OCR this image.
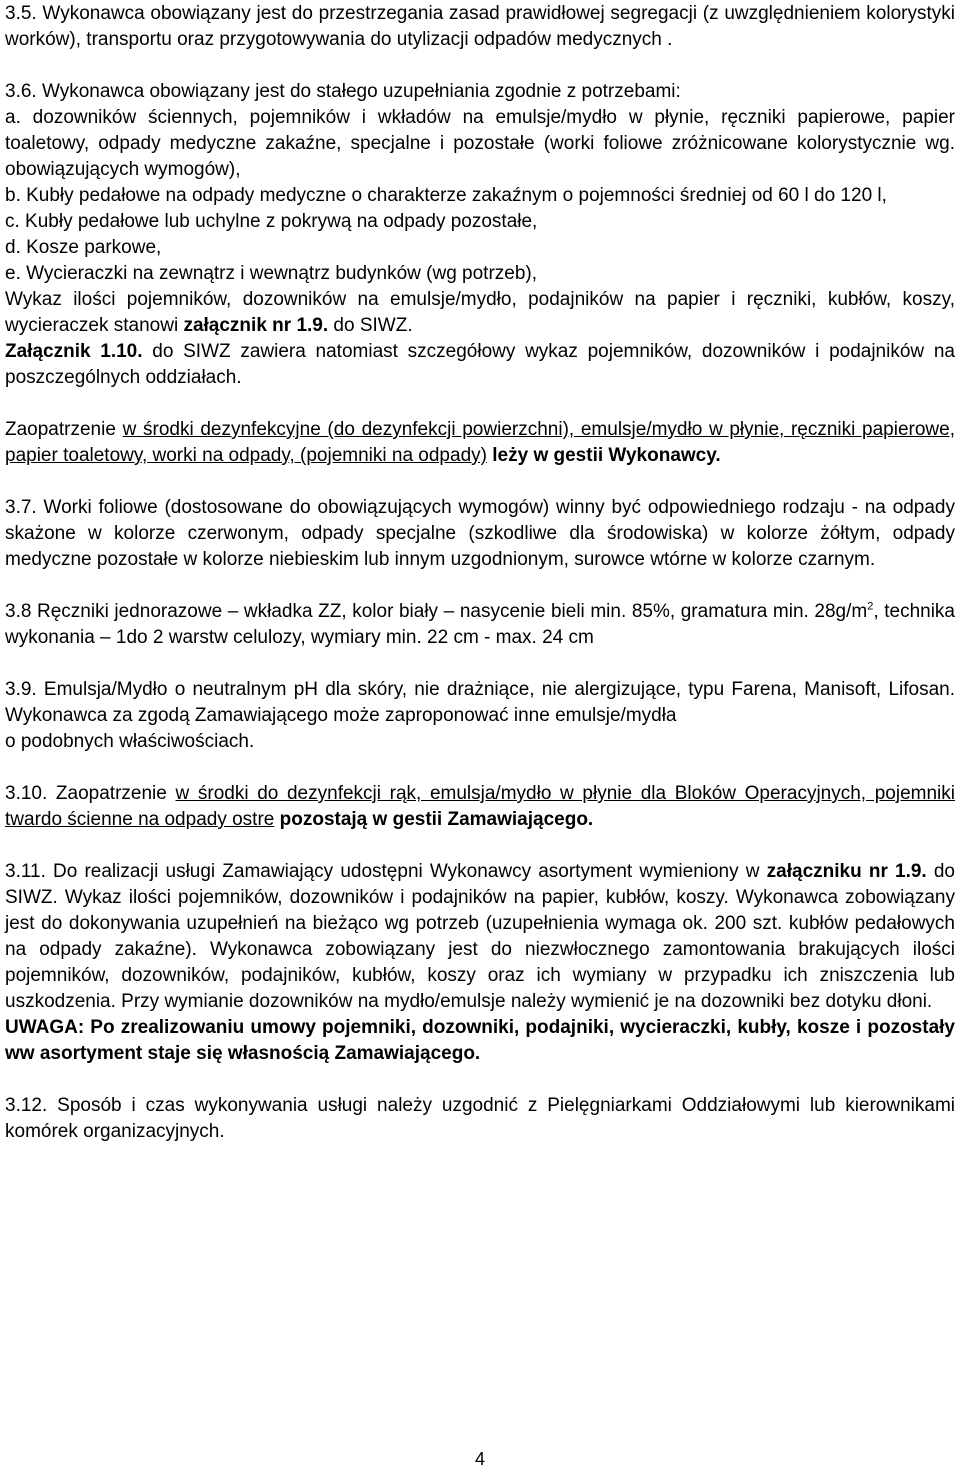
3.5. Wykonawca obowiązany jest do przestrzegania zasad prawidłowej segregacji (z uwzględnieniem kolorystyki worków), transportu oraz przygotowywania do utylizacji odpadów medycznych .

3.6. Wykonawca obowiązany jest do stałego uzupełniania zgodnie z potrzebami:

a. dozowników ściennych, pojemników i wkładów na emulsje/mydło w płynie, ręczniki papierowe, papier toaletowy, odpady medyczne zakaźne, specjalne i pozostałe (worki foliowe zróżnicowane kolorystycznie wg. obowiązujących wymogów),

b. Kubły pedałowe na odpady medyczne o charakterze zakaźnym o pojemności średniej od 60 l do 120 l,

c. Kubły pedałowe lub uchylne z pokrywą na odpady pozostałe,

d. Kosze parkowe,

e. Wycieraczki na zewnątrz i wewnątrz budynków (wg potrzeb),

Wykaz ilości pojemników, dozowników na emulsje/mydło, podajników na papier i ręczniki, kubłów, koszy, wycieraczek stanowi załącznik nr 1.9. do SIWZ.

Załącznik 1.10. do SIWZ zawiera natomiast szczegółowy wykaz pojemników, dozowników i podajników na poszczególnych oddziałach.

Zaopatrzenie w środki dezynfekcyjne (do dezynfekcji powierzchni), emulsje/mydło w płynie, ręczniki papierowe, papier toaletowy, worki na odpady, (pojemniki na odpady) leży w gestii Wykonawcy.

3.7. Worki foliowe (dostosowane do obowiązujących wymogów) winny być odpowiedniego rodzaju - na odpady skażone w kolorze czerwonym, odpady specjalne (szkodliwe dla środowiska) w kolorze żółtym, odpady medyczne pozostałe w kolorze niebieskim lub innym uzgodnionym, surowce wtórne w kolorze czarnym.

3.8 Ręczniki jednorazowe – wkładka ZZ, kolor biały – nasycenie bieli min. 85%, gramatura min. $28g/m^2$, technika wykonania – 1do 2 warstw celulozy, wymiary min. 22 cm - max. 24 cm

3.9. Emulsja/Mydło o neutralnym pH dla skóry, nie drażniące, nie alergizujące, typu Farena, Manisoft, Lifosan. Wykonawca za zgodą Zamawiającego może zaproponować inne emulsje/mydła

o podobnych właściwościach.

3.10. Zaopatrzenie w środki do dezynfekcji rąk, emulsja/mydło w płynie dla Bloków Operacyjnych, pojemniki twardo ścienne na odpady ostre pozostają w gestii Zamawiającego.

3.11. Do realizacji usługi Zamawiający udostępni Wykonawcy asortyment wymieniony w załączniku nr 1.9. do SIWZ. Wykaz ilości pojemników, dozowników i podajników na papier, kubłów, koszy. Wykonawca zobowiązany jest do dokonywania uzupełnień na bieżąco wg potrzeb (uzupełnienia wymaga ok. 200 szt. kubłów pedałowych na odpady zakaźne). Wykonawca zobowiązany jest do niezwłocznego zamontowania brakujących ilości pojemników, dozowników, podajników, kubłów, koszy oraz ich wymiany w przypadku ich zniszczenia lub uszkodzenia. Przy wymianie dozowników na mydło/emulsje należy wymienić je na dozowniki bez dotyku dłoni.

UWAGA: Po zrealizowaniu umowy pojemniki, dozowniki, podajniki, wycieraczki, kubły, kosze i pozostały ww asortyment staje się własnością Zamawiającego.

3.12. Sposób i czas wykonywania usługi należy uzgodnić z Pielęgniarkami Oddziałowymi lub kierownikami komórek organizacyjnych.

4
